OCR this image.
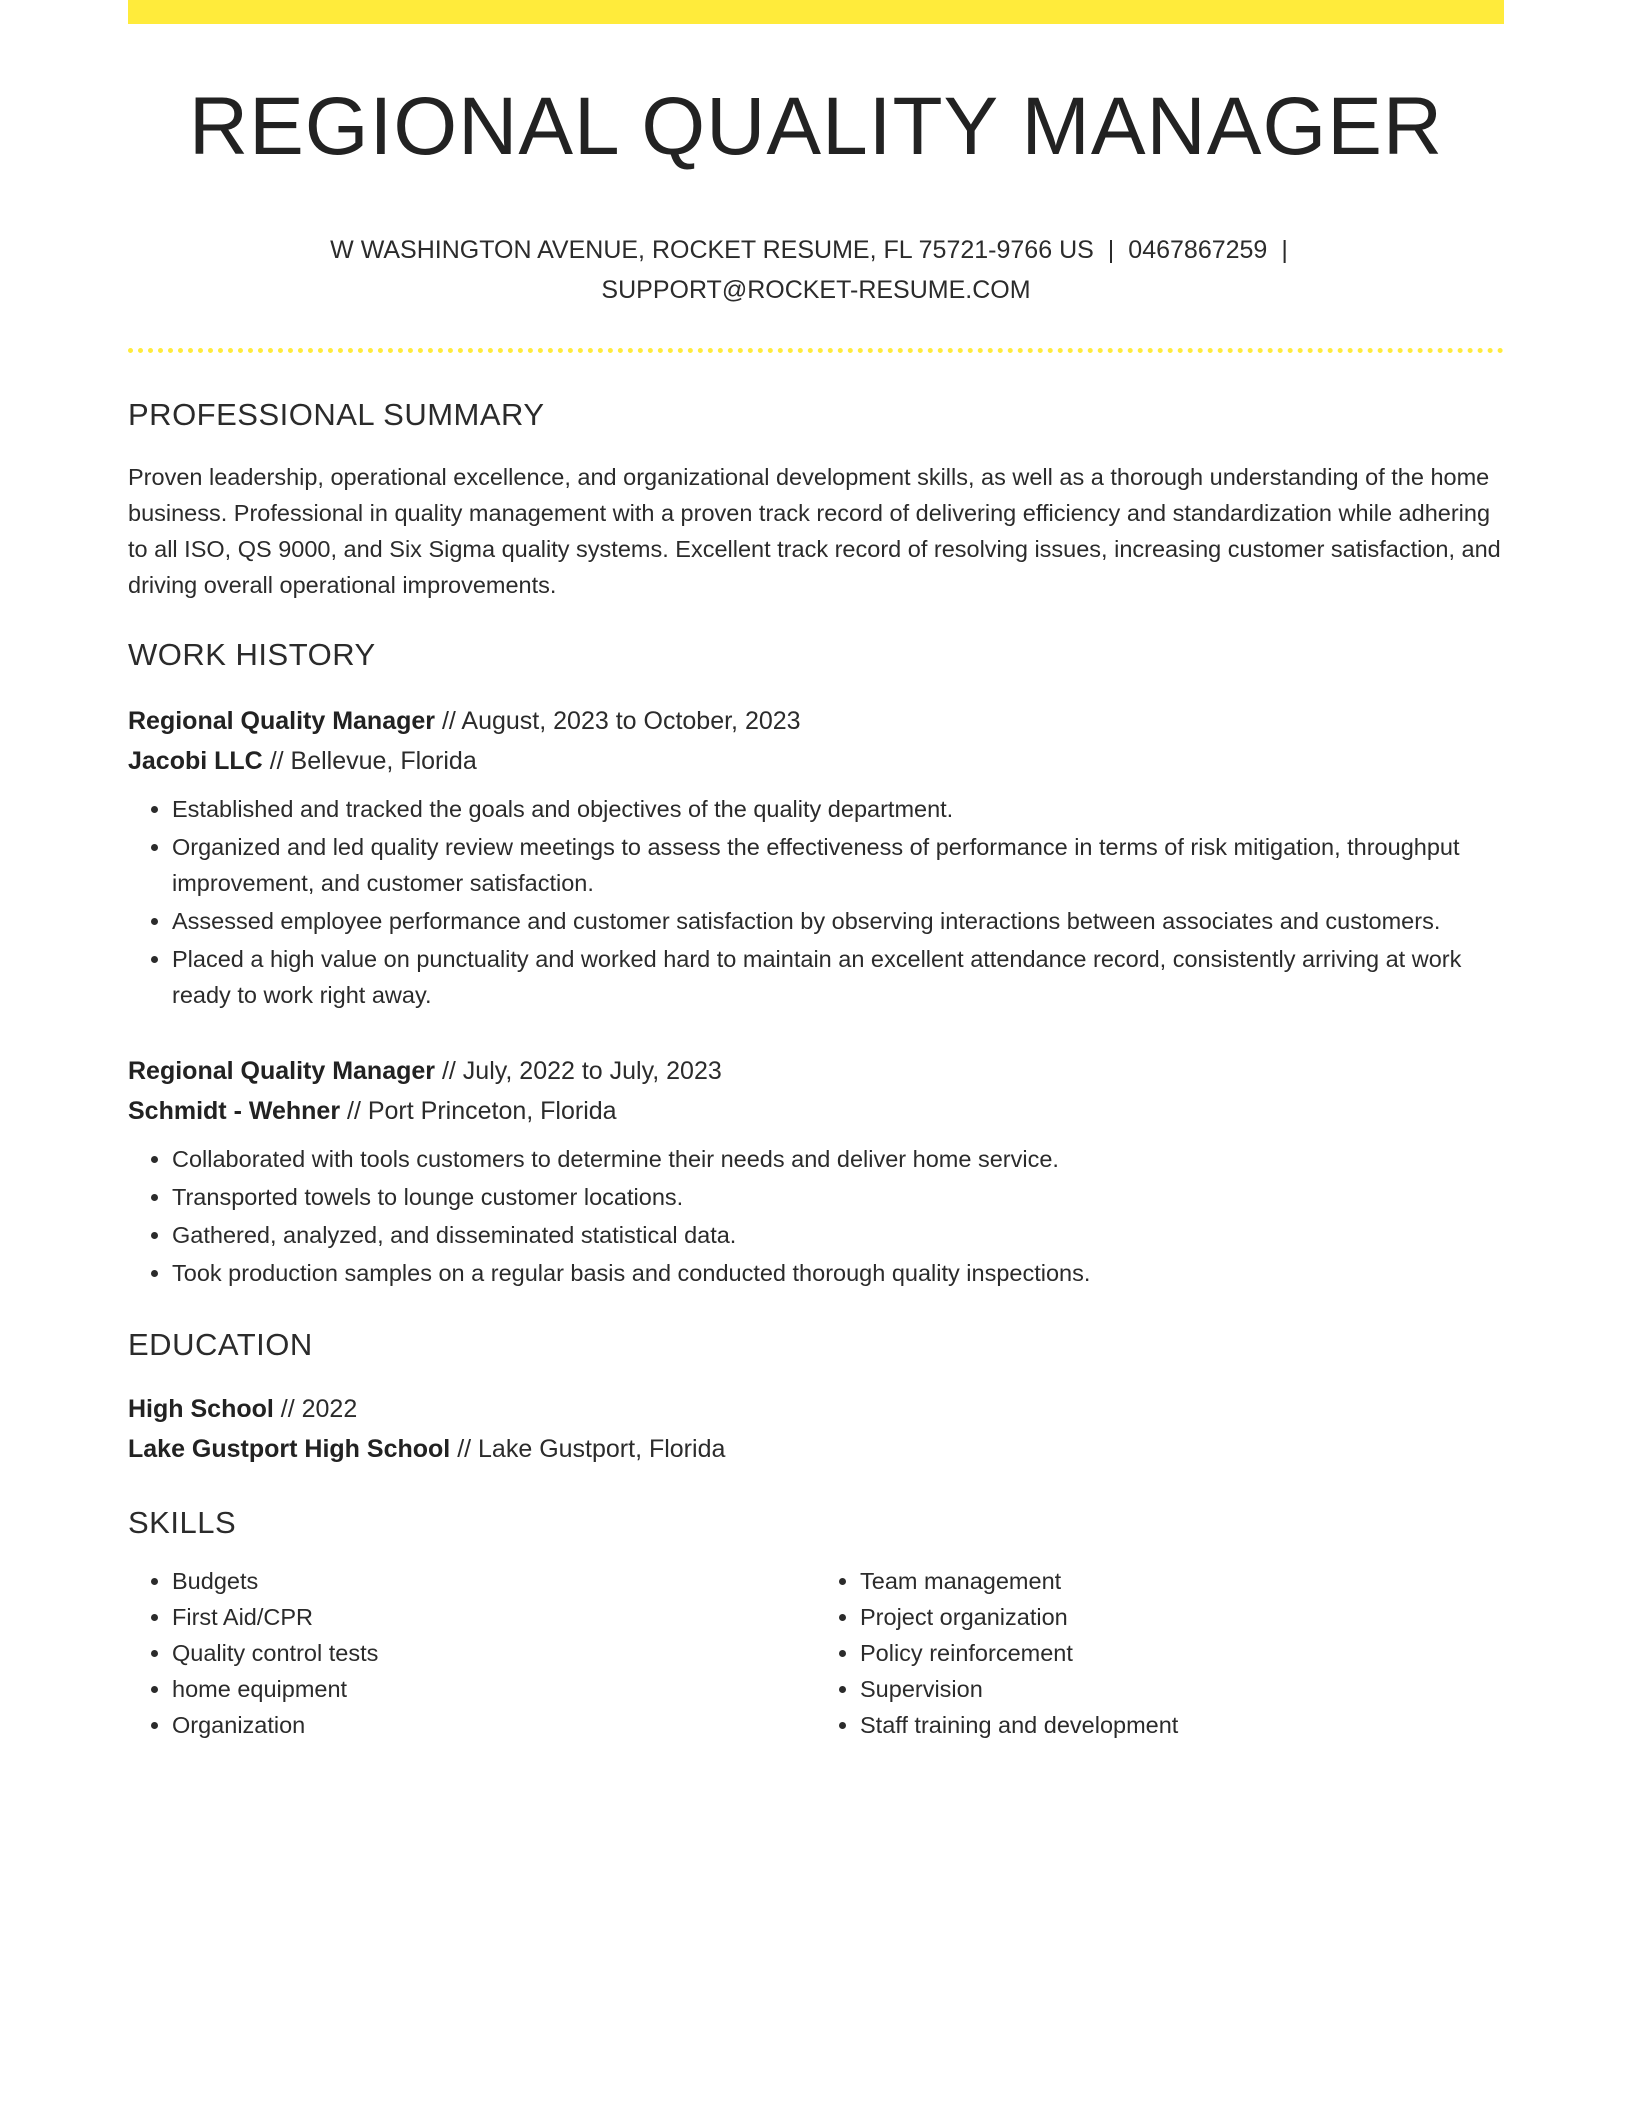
REGIONAL QUALITY MANAGER
W WASHINGTON AVENUE, ROCKET RESUME, FL 75721-9766 US | 0467867259 |
SUPPORT@ROCKET-RESUME.COM
PROFESSIONAL SUMMARY
Proven leadership, operational excellence, and organizational development skills, as well as a thorough understanding of the home business. Professional in quality management with a proven track record of delivering efficiency and standardization while adhering to all ISO, QS 9000, and Six Sigma quality systems. Excellent track record of resolving issues, increasing customer satisfaction, and driving overall operational improvements.
WORK HISTORY
Regional Quality Manager // August, 2023 to October, 2023
Jacobi LLC // Bellevue, Florida
• Established and tracked the goals and objectives of the quality department.
• Organized and led quality review meetings to assess the effectiveness of performance in terms of risk mitigation, throughput improvement, and customer satisfaction.
• Assessed employee performance and customer satisfaction by observing interactions between associates and customers.
• Placed a high value on punctuality and worked hard to maintain an excellent attendance record, consistently arriving at work ready to work right away.
Regional Quality Manager // July, 2022 to July, 2023
Schmidt - Wehner // Port Princeton, Florida
• Collaborated with tools customers to determine their needs and deliver home service.
• Transported towels to lounge customer locations.
• Gathered, analyzed, and disseminated statistical data.
• Took production samples on a regular basis and conducted thorough quality inspections.
EDUCATION
High School // 2022
Lake Gustport High School // Lake Gustport, Florida
SKILLS
• Budgets
• First Aid/CPR
• Quality control tests
• home equipment
• Organization
• Team management
• Project organization
• Policy reinforcement
• Supervision
• Staff training and development
